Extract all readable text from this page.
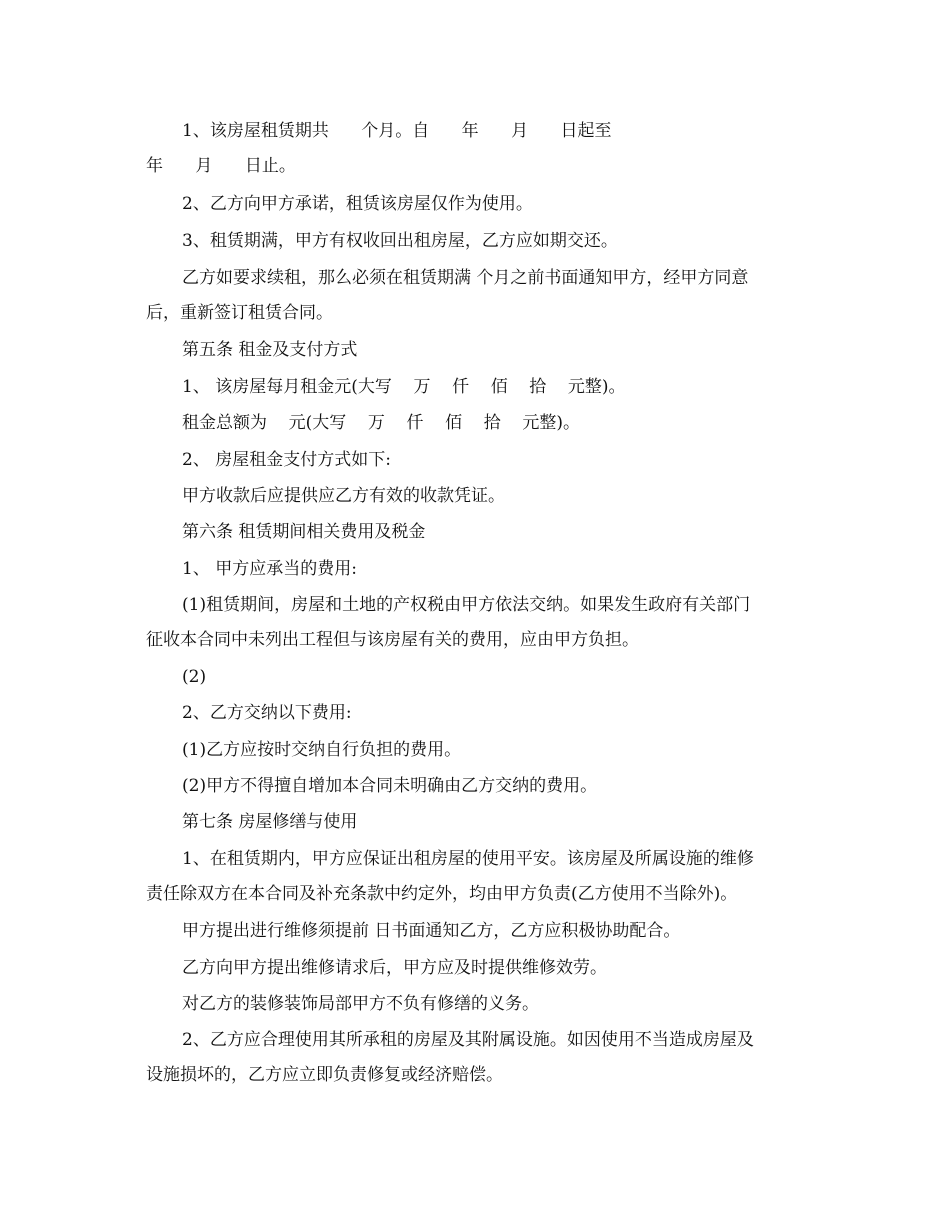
1、该房屋租赁期共      个月。自      年      月      日起至
年      月      日止。
2、乙方向甲方承诺，租赁该房屋仅作为使用。
3、租赁期满，甲方有权收回出租房屋，乙方应如期交还。
乙方如要求续租，那么必须在租赁期满 个月之前书面通知甲方，经甲方同意
后，重新签订租赁合同。
第五条 租金及支付方式
1、 该房屋每月租金元(大写    万    仟    佰    拾    元整)。
租金总额为    元(大写    万    仟    佰    拾    元整)。
2、 房屋租金支付方式如下:
甲方收款后应提供应乙方有效的收款凭证。
第六条 租赁期间相关费用及税金
1、 甲方应承当的费用:
(1)租赁期间，房屋和土地的产权税由甲方依法交纳。如果发生政府有关部门
征收本合同中未列出工程但与该房屋有关的费用，应由甲方负担。
(2)
2、乙方交纳以下费用:
(1)乙方应按时交纳自行负担的费用。
(2)甲方不得擅自增加本合同未明确由乙方交纳的费用。
第七条 房屋修缮与使用
1、在租赁期内，甲方应保证出租房屋的使用平安。该房屋及所属设施的维修
责任除双方在本合同及补充条款中约定外，均由甲方负责(乙方使用不当除外)。
甲方提出进行维修须提前 日书面通知乙方，乙方应积极协助配合。
乙方向甲方提出维修请求后，甲方应及时提供维修效劳。
对乙方的装修装饰局部甲方不负有修缮的义务。
2、乙方应合理使用其所承租的房屋及其附属设施。如因使用不当造成房屋及
设施损坏的，乙方应立即负责修复或经济赔偿。
